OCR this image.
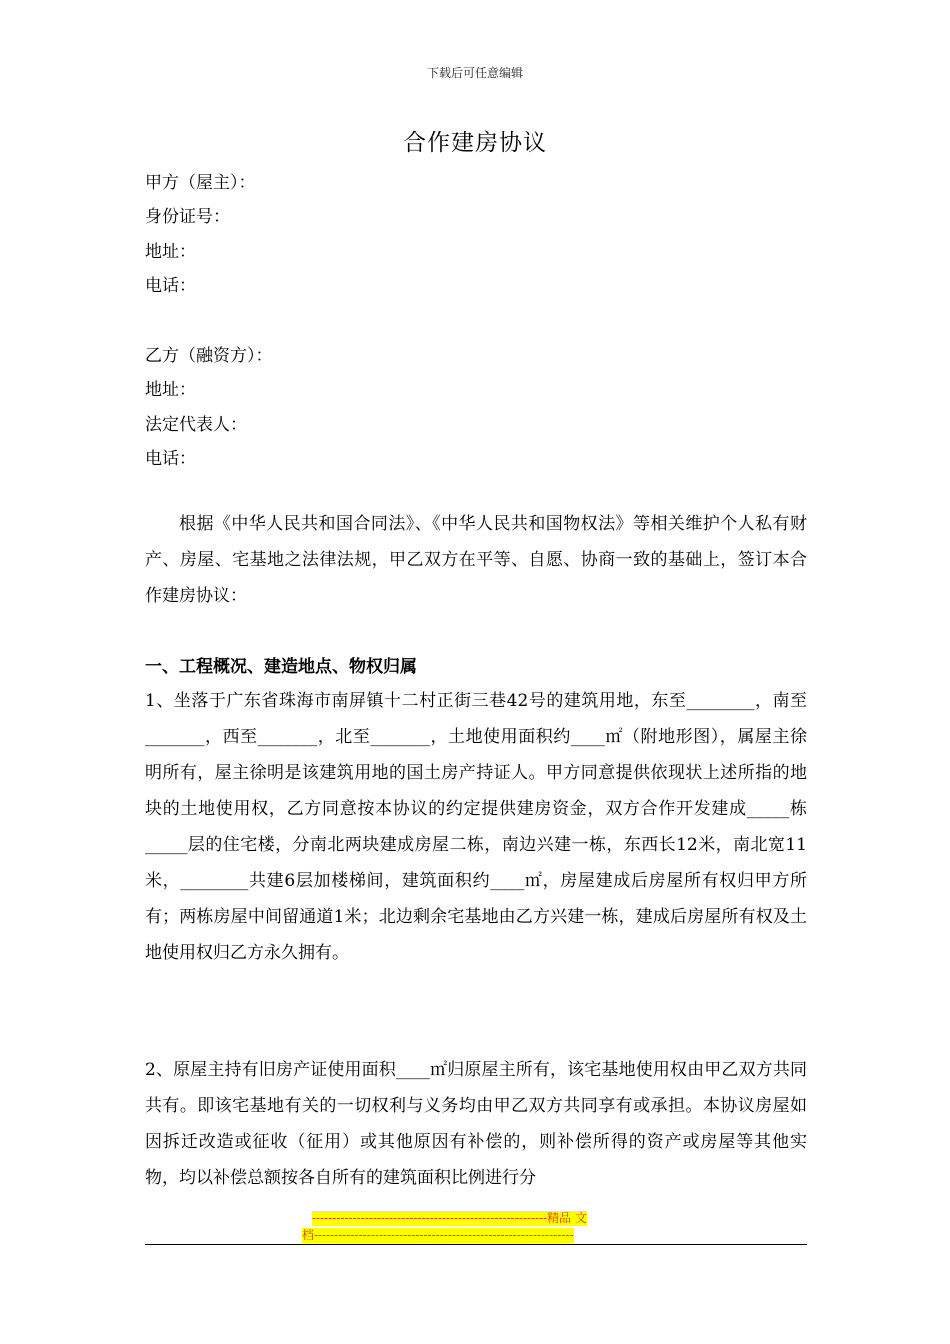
下载后可任意编辑
合作建房协议
甲方（屋主）：
身份证号：
地址：
电话：
乙方（融资方）：
地址：
法定代表人：
电话：
根据《中华人民共和国合同法》、《中华人民共和国物权法》等相关维护个人私有财产、房屋、宅基地之法律法规，甲乙双方在平等、自愿、协商一致的基础上，签订本合作建房协议：
一、工程概况、建造地点、物权归属
1、坐落于广东省珠海市南屏镇十二村正街三巷42号的建筑用地，东至________，南至_______，西至_______，北至_______，土地使用面积约____㎡（附地形图），属屋主徐明所有，屋主徐明是该建筑用地的国土房产持证人。甲方同意提供依现状上述所指的地块的土地使用权，乙方同意按本协议的约定提供建房资金，双方合作开发建成_____栋_____层的住宅楼，分南北两块建成房屋二栋，南边兴建一栋，东西长12米，南北宽11米，________共建6层加楼梯间，建筑面积约____㎡，房屋建成后房屋所有权归甲方所有；两栋房屋中间留通道1米；北边剩余宅基地由乙方兴建一栋，建成后房屋所有权及土地使用权归乙方永久拥有。
2、原屋主持有旧房产证使用面积____㎡归原屋主所有，该宅基地使用权由甲乙双方共同共有。即该宅基地有关的一切权利与义务均由甲乙双方共同享有或承担。本协议房屋如因拆迁改造或征收（征用）或其他原因有补偿的，则补偿所得的资产或房屋等其他实物，均以补偿总额按各自所有的建筑面积比例进行分
----------------------------------------------------------精品 文
档----------------------------------------------------------------
